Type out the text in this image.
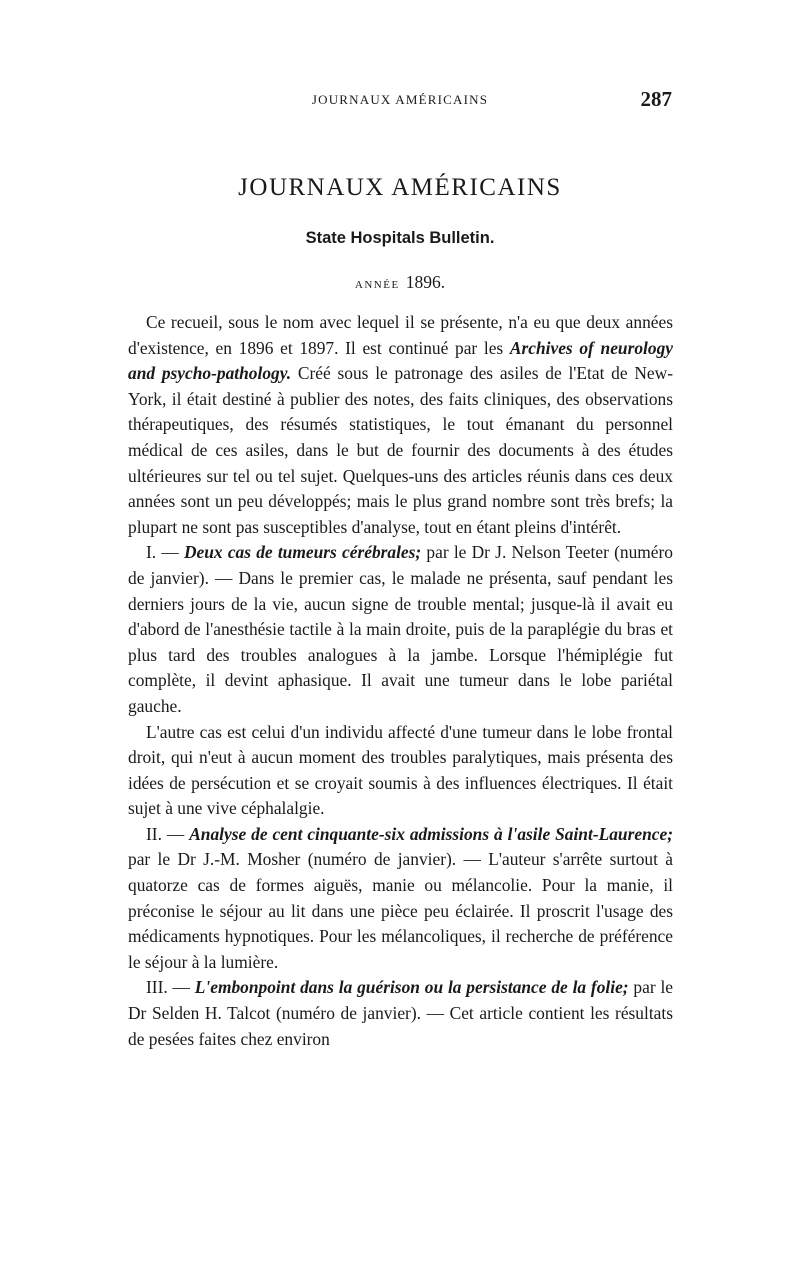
JOURNAUX AMÉRICAINS	287
JOURNAUX AMÉRICAINS
State Hospitals Bulletin.
ANNÉE 1896.

Ce recueil, sous le nom avec lequel il se présente, n'a eu que deux années d'existence, en 1896 et 1897. Il est continué par les Archives of neurology and psycho-pathology. Créé sous le patronage des asiles de l'Etat de New-York, il était destiné à publier des notes, des faits cliniques, des observations thérapeutiques, des résumés statistiques, le tout émanant du personnel médical de ces asiles, dans le but de fournir des documents à des études ultérieures sur tel ou tel sujet. Quelques-uns des articles réunis dans ces deux années sont un peu développés; mais le plus grand nombre sont très brefs; la plupart ne sont pas susceptibles d'analyse, tout en étant pleins d'intérêt.

I. — Deux cas de tumeurs cérébrales; par le Dr J. Nelson Teeter (numéro de janvier). — Dans le premier cas, le malade ne présenta, sauf pendant les derniers jours de la vie, aucun signe de trouble mental; jusque-là il avait eu d'abord de l'anesthésie tactile à la main droite, puis de la paraplégie du bras et plus tard des troubles analogues à la jambe. Lorsque l'hémiplégie fut complète, il devint aphasique. Il avait une tumeur dans le lobe pariétal gauche.

L'autre cas est celui d'un individu affecté d'une tumeur dans le lobe frontal droit, qui n'eut à aucun moment des troubles paralytiques, mais présenta des idées de persécution et se croyait soumis à des influences électriques. Il était sujet à une vive céphalalgie.

II. — Analyse de cent cinquante-six admissions à l'asile Saint-Laurence; par le Dr J.-M. Mosher (numéro de janvier). — L'auteur s'arrête surtout à quatorze cas de formes aiguës, manie ou mélancolie. Pour la manie, il préconise le séjour au lit dans une pièce peu éclairée. Il proscrit l'usage des médicaments hypnotiques. Pour les mélancoliques, il recherche de préférence le séjour à la lumière.

III. — L'embonpoint dans la guérison ou la persistance de la folie; par le Dr Selden H. Talcot (numéro de janvier). — Cet article contient les résultats de pesées faites chez environ
